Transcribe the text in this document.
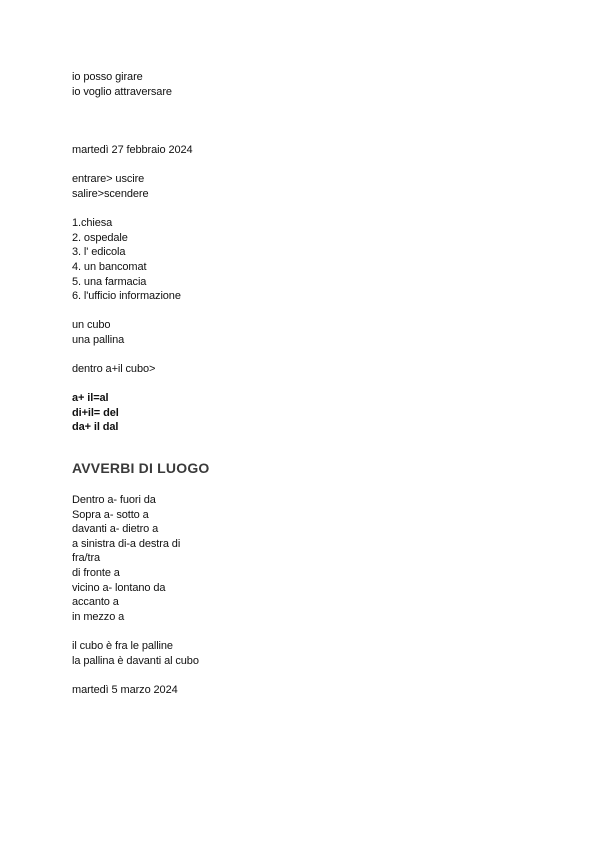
io posso girare
io voglio attraversare
martedì 27 febbraio 2024
entrare> uscire
salire>scendere
1.chiesa
2. ospedale
3. l' edicola
4. un bancomat
5. una farmacia
6. l'ufficio informazione
un cubo
una pallina
dentro a+il cubo>
a+ il=al
di+il= del
da+ il dal
AVVERBI DI LUOGO
Dentro a- fuori da
Sopra a- sotto a
davanti a- dietro a
a sinistra di-a destra di
fra/tra
di fronte a
vicino a- lontano da
accanto a
in mezzo a
il cubo è fra le palline
la pallina è davanti al cubo
martedì 5 marzo 2024
